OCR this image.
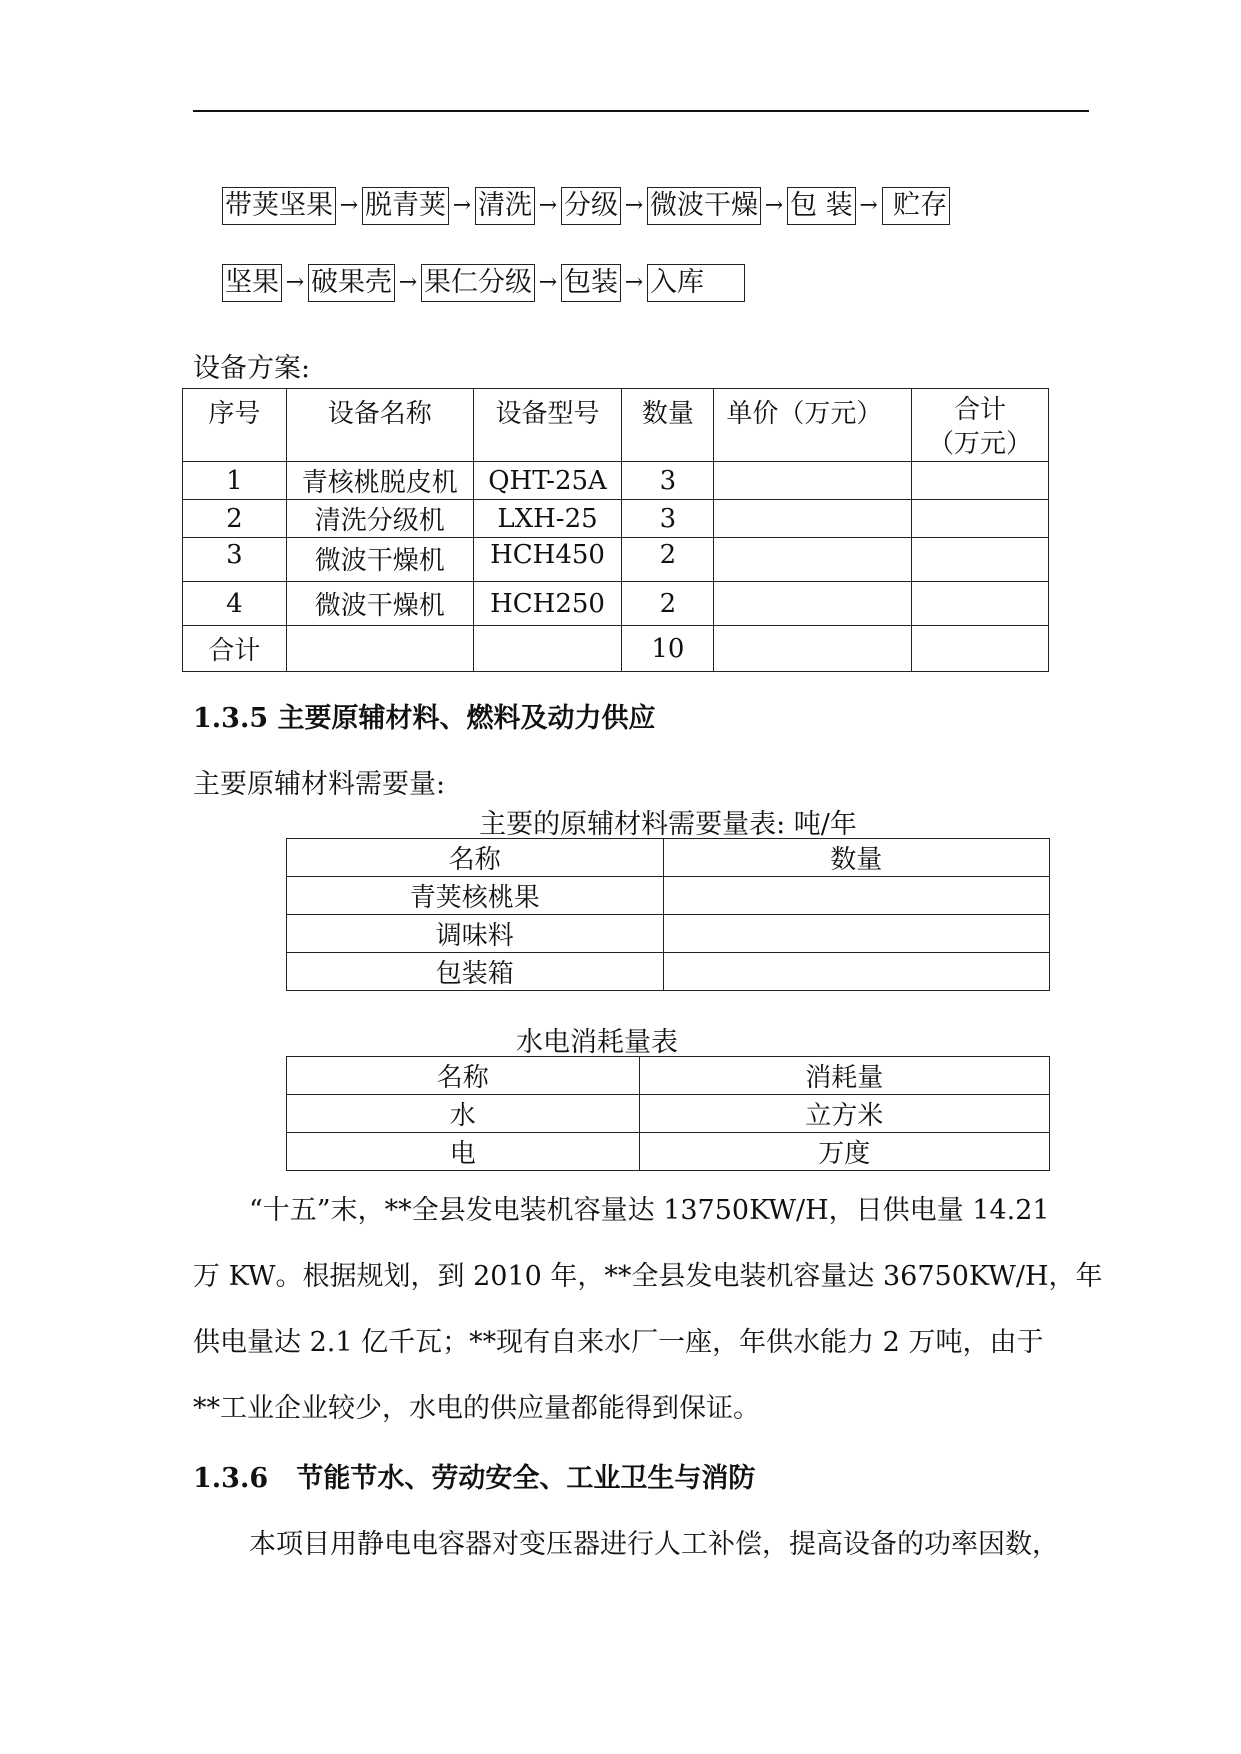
带荚坚果 → 脱青荚 → 清洗 → 分级 → 微波干燥 → 包 装 → 贮存
坚果 → 破果壳 → 果仁分级 → 包装 → 入库
设备方案:
序号	设备名称	设备型号	数量	单价（万元）	合计
（万元）
1	青核桃脱皮机	QHT-25A	3		
2	清洗分级机	LXH-25	3		
3	微波干燥机	HCH450	2		
4	微波干燥机	HCH250	2		
合计			10		
1.3.5 主要原辅材料、燃料及动力供应
主要原辅材料需要量:
主要的原辅材料需要量表: 吨/年
名称	数量
青荚核桃果	
调味料	
包装箱	
水电消耗量表
名称	消耗量
水	立方米
电	万度
“十五”末，**全县发电装机容量达 13750KW/H，日供电量 14.21
万 KW。根据规划，到 2010 年，**全县发电装机容量达 36750KW/H，年
供电量达 2.1 亿千瓦；**现有自来水厂一座，年供水能力 2 万吨，由于
**工业企业较少，水电的供应量都能得到保证。
1.3.6   节能节水、劳动安全、工业卫生与消防
本项目用静电电容器对变压器进行人工补偿，提高设备的功率因数，
